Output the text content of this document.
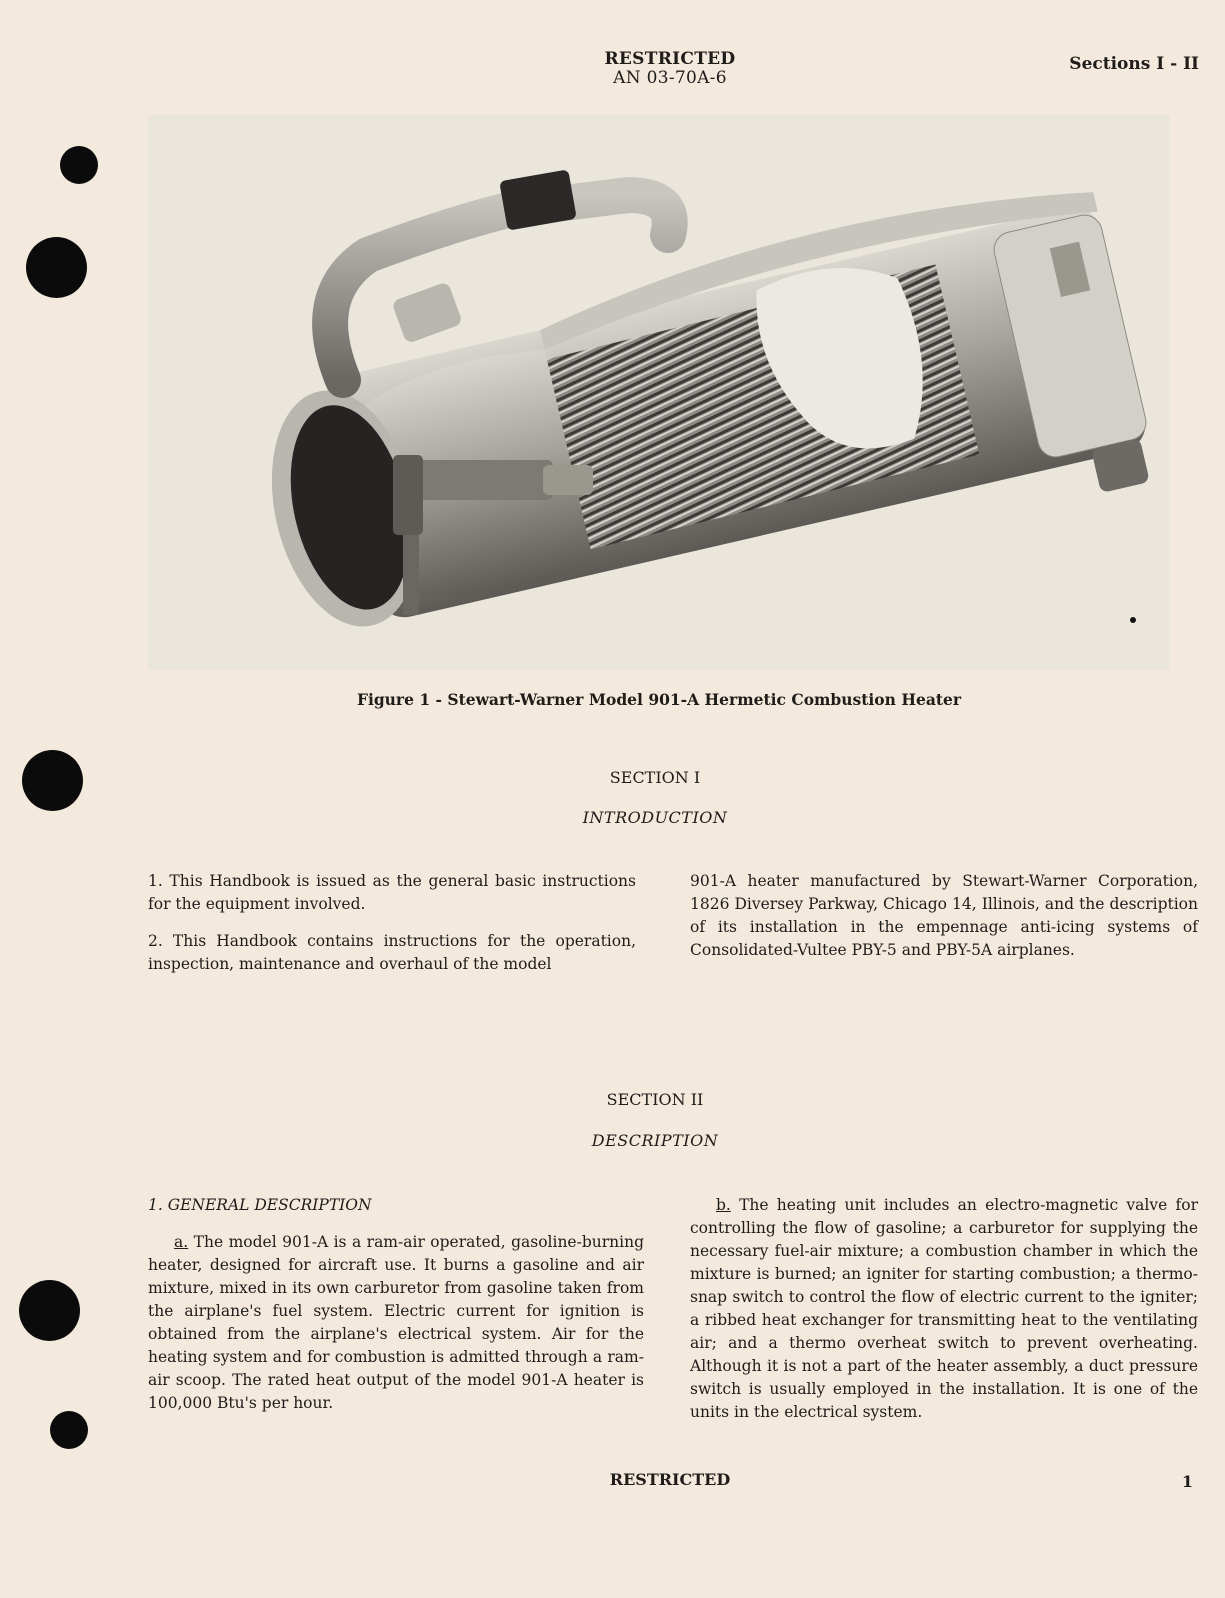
RESTRICTED
AN 03-70A-6
Sections I - II
Figure 1 - Stewart-Warner Model 901-A Hermetic Combustion Heater
SECTION I
INTRODUCTION

1. This Handbook is issued as the general basic instructions for the equipment involved.

2. This Handbook contains instructions for the operation, inspection, maintenance and overhaul of the model

901-A heater manufactured by Stewart-Warner Corporation, 1826 Diversey Parkway, Chicago 14, Illinois, and the description of its installation in the empennage anti-icing systems of Consolidated-Vultee PBY-5 and PBY-5A airplanes.

SECTION II
DESCRIPTION

1. GENERAL DESCRIPTION

a. The model 901-A is a ram-air operated, gasoline-burning heater, designed for aircraft use. It burns a gasoline and air mixture, mixed in its own carburetor from gasoline taken from the airplane's fuel system. Electric current for ignition is obtained from the airplane's electrical system. Air for the heating system and for combustion is admitted through a ram-air scoop. The rated heat output of the model 901-A heater is 100,000 Btu's per hour.

b. The heating unit includes an electro-magnetic valve for controlling the flow of gasoline; a carburetor for supplying the necessary fuel-air mixture; a combustion chamber in which the mixture is burned; an igniter for starting combustion; a thermo-snap switch to control the flow of electric current to the igniter; a ribbed heat exchanger for transmitting heat to the ventilating air; and a thermo overheat switch to prevent overheating. Although it is not a part of the heater assembly, a duct pressure switch is usually employed in the installation. It is one of the units in the electrical system.

RESTRICTED	1
